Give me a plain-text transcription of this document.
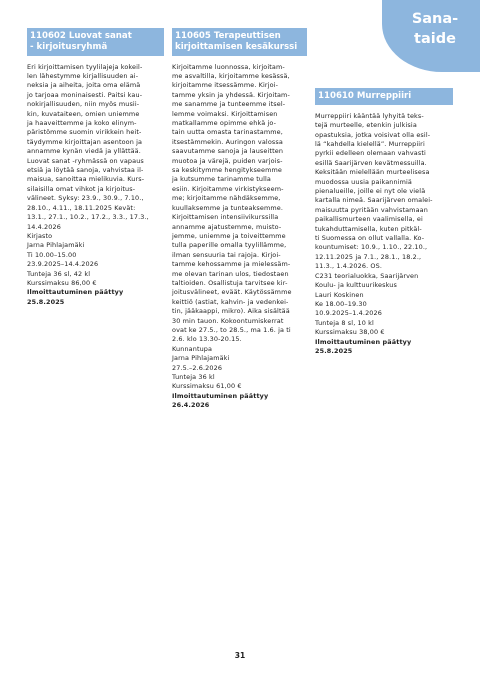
Sana-
taide
110602 Luovat sanat
- kirjoitusryhmä
Eri kirjoittamisen tyylilajeja kokeil-
len lähestymme kirjallisuuden ai-
neksia ja aiheita, joita oma elämä
jo tarjoaa moninaisesti. Paitsi kau-
nokirjallisuuden, niin myös musii-
kin, kuvataiteen, omien uniemme
ja haaveittemme ja koko elinym-
päristömme suomin virikkein heit-
täydymme kirjoittajan asentoon ja
annamme kynän viedä ja yllättää.
Luovat sanat -ryhmässä on vapaus
etsiä ja löytää sanoja, vahvistaa il-
maisua, sanoittaa mielikuvia. Kurs-
silaisilla omat vihkot ja kirjoitus-
välineet. Syksy: 23.9., 30.9., 7.10.,
28.10., 4.11., 18.11.2025 Kevät:
13.1., 27.1., 10.2., 17.2., 3.3., 17.3.,
14.4.2026
Kirjasto
Jarna Pihlajamäki
Ti 10.00–15.00
23.9.2025–14.4.2026
Tunteja 36 sl, 42 kl
Kurssimaksu 86,00 €
Ilmoittautuminen päättyy
25.8.2025
110605 Terapeuttisen
kirjoittamisen kesäkurssi
Kirjoitamme luonnossa, kirjoitam-
me asvaltilla, kirjoitamme kesässä,
kirjoitamme itsessämme. Kirjoi-
tamme yksin ja yhdessä. Kirjoitam-
me sanamme ja tunteemme itsel-
lemme voimaksi. Kirjoittamisen
matkallamme opimme ehkä jo-
tain uutta omasta tarinastamme,
itsestämmekin. Auringon valossa
saavutamme sanoja ja lauseitten
muotoa ja värejä, puiden varjois-
sa keskitymme hengitykseemme
ja kutsumme tarinamme tulla
esiin. Kirjoitamme virkistykseem-
me; kirjoitamme nähdäksemme,
kuullaksemme ja tunteaksemme.
Kirjoittamisen intensiivikurssilla
annamme ajatustemme, muisto-
jemme, uniemme ja toiveittemme
tulla paperille omalla tyylillämme,
ilman sensuuria tai rajoja. Kirjoi-
tamme kehossamme ja mielessäm-
me olevan tarinan ulos, tiedostaen
taltioiden. Osallistuja tarvitsee kir-
joitusvälineet, eväät. Käytössämme
keittiö (astiat, kahvin- ja vedenkei-
tin, jääkaappi, mikro). Aika sisältää
30 min tauon. Kokoontumiskerrat
ovat ke 27.5., to 28.5., ma 1.6. ja ti
2.6. klo 13.30-20.15.
Kunnantupa
Jarna Pihlajamäki
27.5.–2.6.2026
Tunteja 36 kl
Kurssimaksu 61,00 €
Ilmoittautuminen päättyy
26.4.2026
110610 Murreppiiri
Murreppiiri kääntää lyhyitä teks-
tejä murteelle, etenkin julkisia
opastuksia, jotka voisivat olla esil-
lä “kahdella kielellä”. Murreppiiri
pyrkii edelleen olemaan vahvasti
esillä Saarijärven kevätmessuilla.
Keksitään mielellään murteelisesa
muodossa uusia paikannimiä
pienalueille, joille ei nyt ole vielä
kartalla nimeä. Saarijärven omalei-
maisuutta pyritään vahvistamaan
paikallismurteen vaalimisella, ei
tukahduttamisella, kuten pitkäl-
ti Suomessa on ollut vallalla. Ko-
kountumiset: 10.9., 1.10., 22.10.,
12.11.2025 ja 7.1., 28.1., 18.2.,
11.3., 1.4.2026. OS.
C231 teorialuokka, Saarijärven
Koulu- ja kulttuurikeskus
Lauri Koskinen
Ke 18.00–19.30
10.9.2025–1.4.2026
Tunteja 8 sl, 10 kl
Kurssimaksu 38,00 €
Ilmoittautuminen päättyy
25.8.2025
31
